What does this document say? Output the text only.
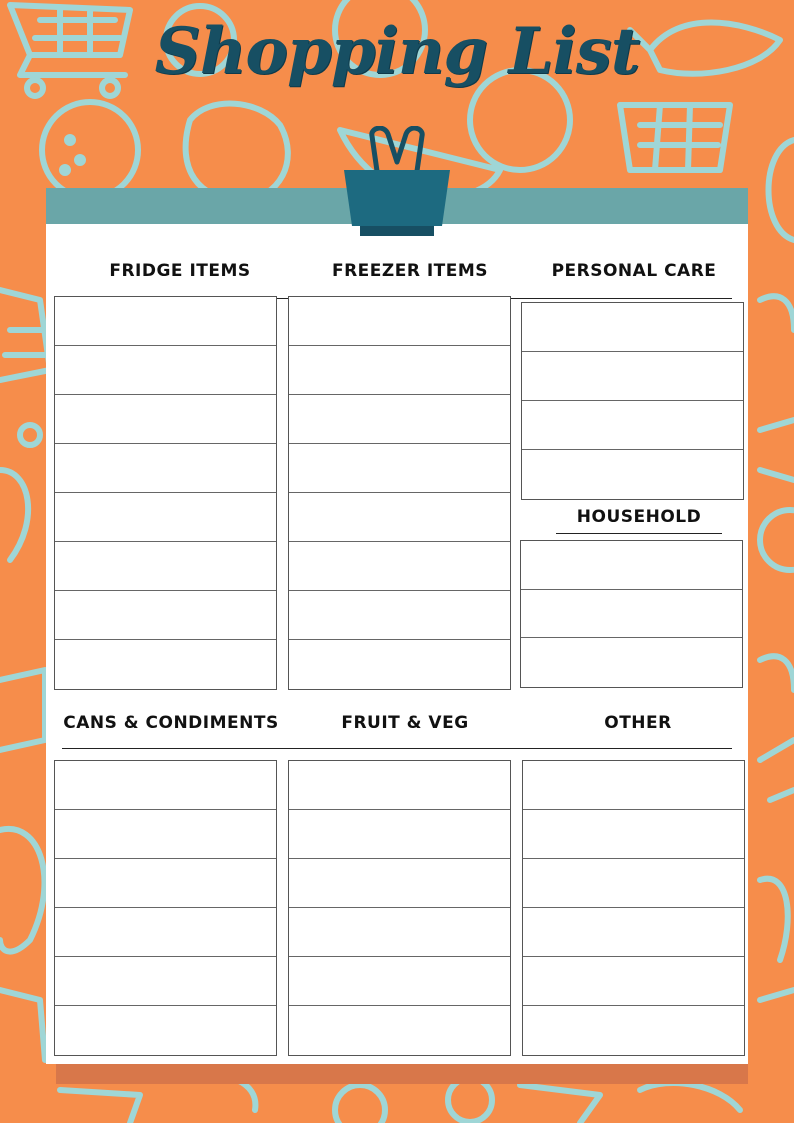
Shopping List
FRIDGE ITEMS	FREEZER ITEMS	PERSONAL CARE
HOUSEHOLD
CANS & CONDIMENTS	FRUIT & VEG	OTHER
